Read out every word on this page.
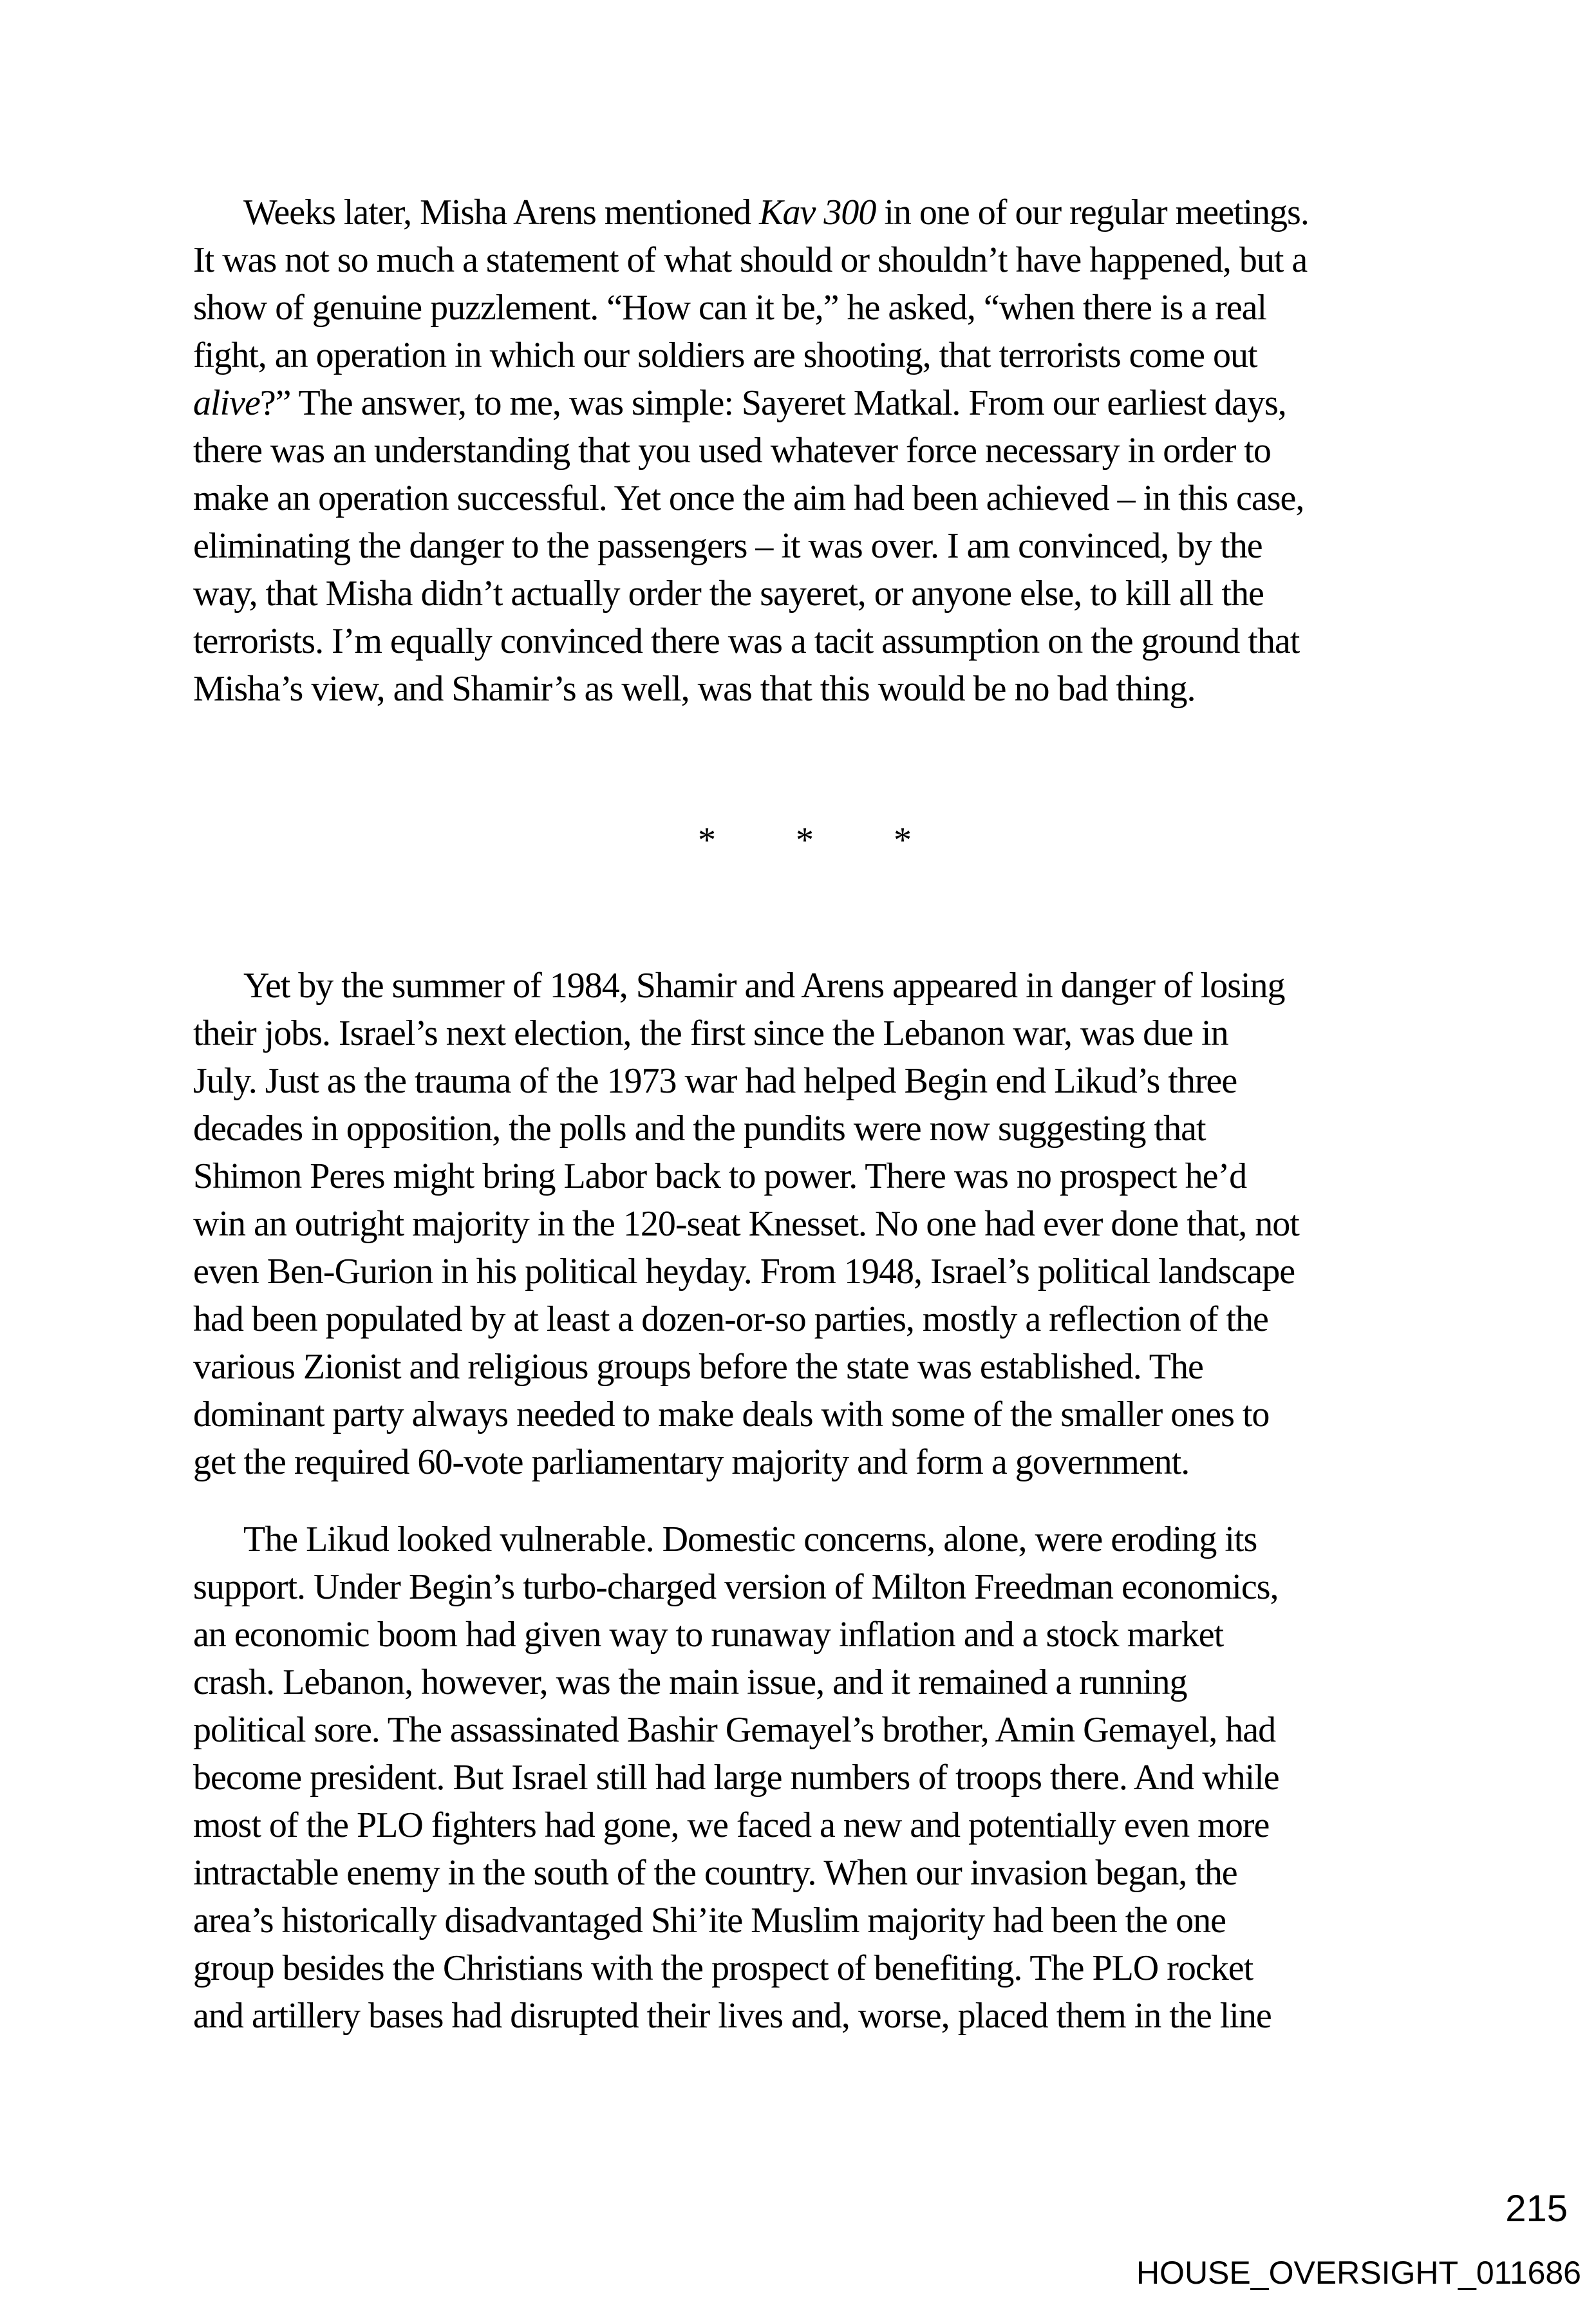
Weeks later, Misha Arens mentioned Kav 300 in one of our regular meetings.
It was not so much a statement of what should or shouldn’t have happened, but a
show of genuine puzzlement. “How can it be,” he asked, “when there is a real
fight, an operation in which our soldiers are shooting, that terrorists come out
alive?” The answer, to me, was simple: Sayeret Matkal. From our earliest days,
there was an understanding that you used whatever force necessary in order to
make an operation successful. Yet once the aim had been achieved – in this case,
eliminating the danger to the passengers – it was over. I am convinced, by the
way, that Misha didn’t actually order the sayeret, or anyone else, to kill all the
terrorists. I’m equally convinced there was a tacit assumption on the ground that
Misha’s view, and Shamir’s as well, was that this would be no bad thing.
Yet by the summer of 1984, Shamir and Arens appeared in danger of losing
their jobs. Israel’s next election, the first since the Lebanon war, was due in
July. Just as the trauma of the 1973 war had helped Begin end Likud’s three
decades in opposition, the polls and the pundits were now suggesting that
Shimon Peres might bring Labor back to power. There was no prospect he’d
win an outright majority in the 120-seat Knesset. No one had ever done that, not
even Ben-Gurion in his political heyday. From 1948, Israel’s political landscape
had been populated by at least a dozen-or-so parties, mostly a reflection of the
various Zionist and religious groups before the state was established. The
dominant party always needed to make deals with some of the smaller ones to
get the required 60-vote parliamentary majority and form a government.
The Likud looked vulnerable. Domestic concerns, alone, were eroding its
support. Under Begin’s turbo-charged version of Milton Freedman economics,
an economic boom had given way to runaway inflation and a stock market
crash. Lebanon, however, was the main issue, and it remained a running
political sore. The assassinated Bashir Gemayel’s brother, Amin Gemayel, had
become president. But Israel still had large numbers of troops there. And while
most of the PLO fighters had gone, we faced a new and potentially even more
intractable enemy in the south of the country. When our invasion began, the
area’s historically disadvantaged Shi’ite Muslim majority had been the one
group besides the Christians with the prospect of benefiting. The PLO rocket
and artillery bases had disrupted their lives and, worse, placed them in the line
* * *
215
HOUSE_OVERSIGHT_011686
